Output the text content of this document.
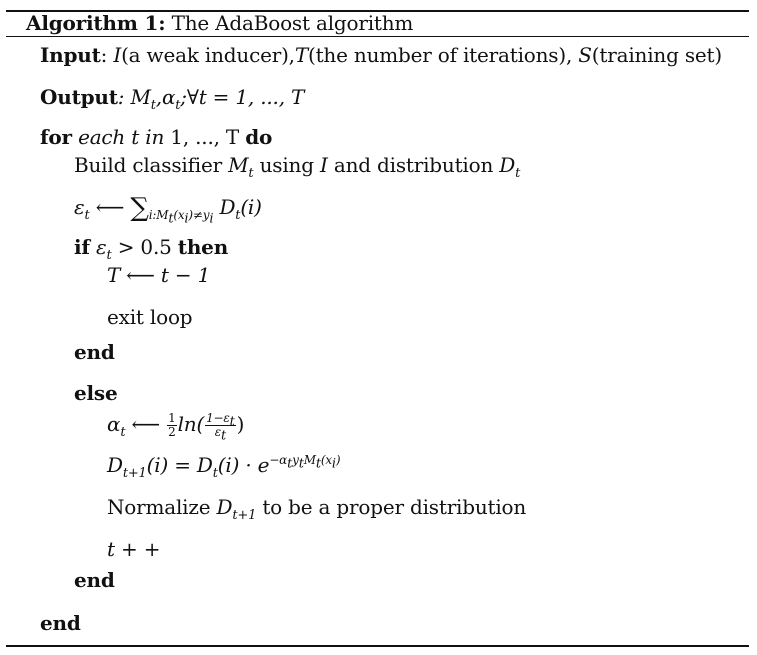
Algorithm 1: The AdaBoost algorithm
Input: I(a weak inducer),T(the number of iterations), S(training set)
Output: $M_t,\alpha_t;\forall t = 1$, ..., T
for each t in 1, ..., T do
Build classifier $M_t$ using I and distribution $D_t$
$\varepsilon_t$ ⟵ $\sum_{i:M_t(x_i)\ne y_i}$ $D_t(i)$
if $\varepsilon_t > 0.5$ then
T ⟵ t − 1
exit loop
end
else
$\alpha_t$ ⟵ $\frac{1}{2} \ln( \frac{1-\varepsilon_t}{\varepsilon_t}$ )
$D_{t+1}(i) = D_t(i) \cdot e^{-\alpha_ty_tM_t(x_i)}$
Normalize $D_{t+1}$ to be a proper distribution
t + +
end
end
